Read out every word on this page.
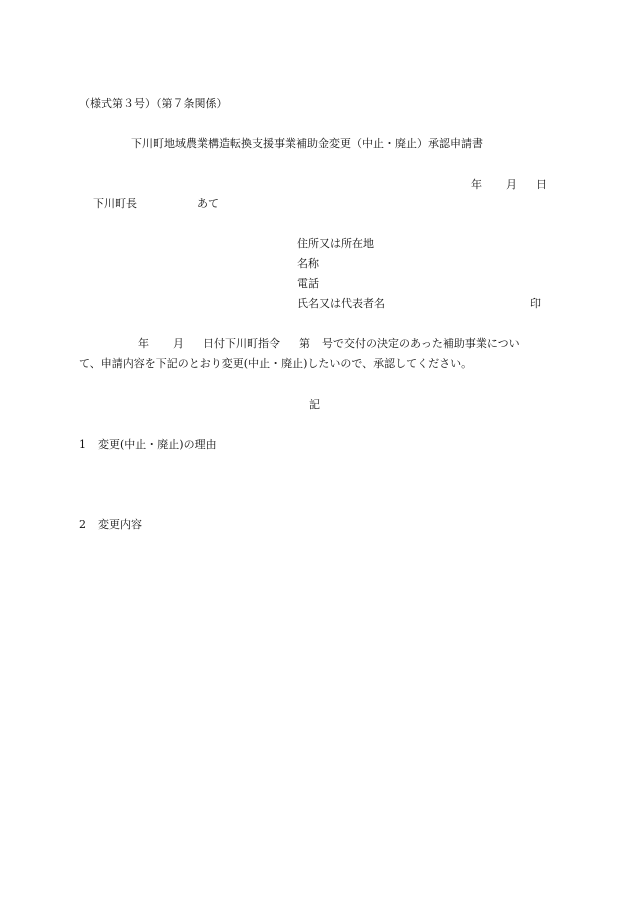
（様式第３号）（第７条関係）
下川町地域農業構造転換支援事業補助金変更（中止・廃止）承認申請書
年 月 日
下川町長	あて
住所又は所在地
名称
電話
氏名又は代表者名	印
年 月 日付下川町指令 第 号で交付の決定のあった補助事業につい
て、申請内容を下記のとおり変更(中止・廃止)したいので、承認してください。
記
1 変更(中止・廃止)の理由
2 変更内容
